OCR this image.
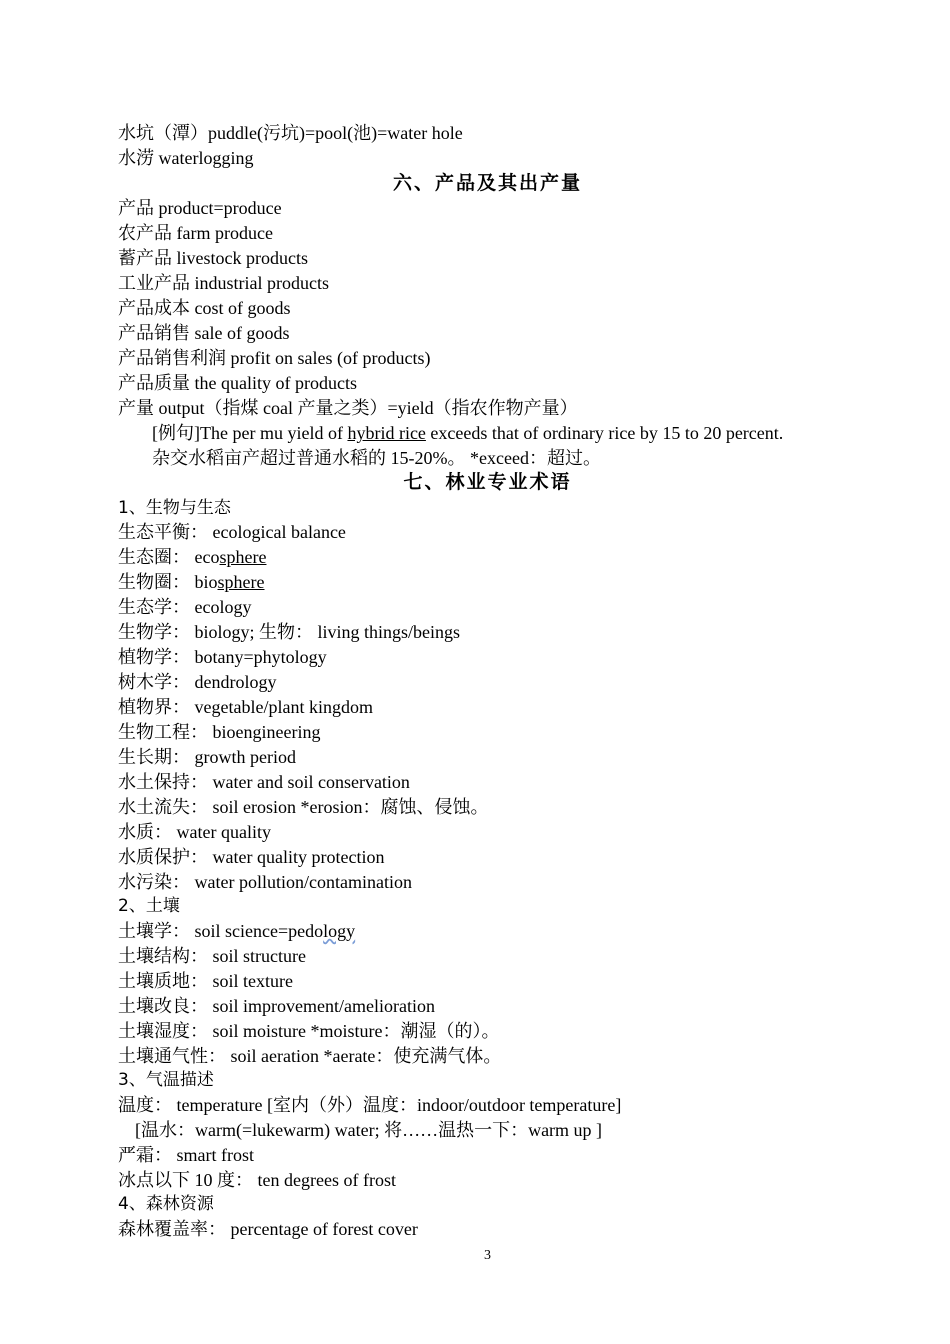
水坑（潭）puddle(污坑)=pool(池)=water hole
水涝 waterlogging
六、产品及其出产量
产品 product=produce
农产品 farm produce
蓄产品 livestock products
工业产品 industrial products
产品成本 cost of goods
产品销售 sale of goods
产品销售利润 profit on sales (of products)
产品质量 the quality of products
产量 output（指煤 coal 产量之类）=yield（指农作物产量）
[例句]The per mu yield of hybrid rice exceeds that of ordinary rice by 15 to 20 percent.
杂交水稻亩产超过普通水稻的 15-20%。 *exceed：超过。
七、林业专业术语
1、生物与生态
生态平衡： ecological balance
生态圈： ecosphere
生物圈： biosphere
生态学： ecology
生物学： biology; 生物： living things/beings
植物学： botany=phytology
树木学： dendrology
植物界： vegetable/plant kingdom
生物工程： bioengineering
生长期： growth period
水土保持： water and soil conservation
水土流失： soil erosion *erosion：腐蚀、侵蚀。
水质： water quality
水质保护： water quality protection
水污染： water pollution/contamination
2、土壤
土壤学： soil science=pedology
土壤结构： soil structure
土壤质地： soil texture
土壤改良： soil improvement/amelioration
土壤湿度： soil moisture *moisture：潮湿（的）。
土壤通气性： soil aeration *aerate：使充满气体。
3、气温描述
温度： temperature [室内（外）温度：indoor/outdoor temperature]
[温水：warm(=lukewarm) water; 将……温热一下：warm up ]
严霜： smart frost
冰点以下 10 度： ten degrees of frost
4、森林资源
森林覆盖率： percentage of forest cover
3
